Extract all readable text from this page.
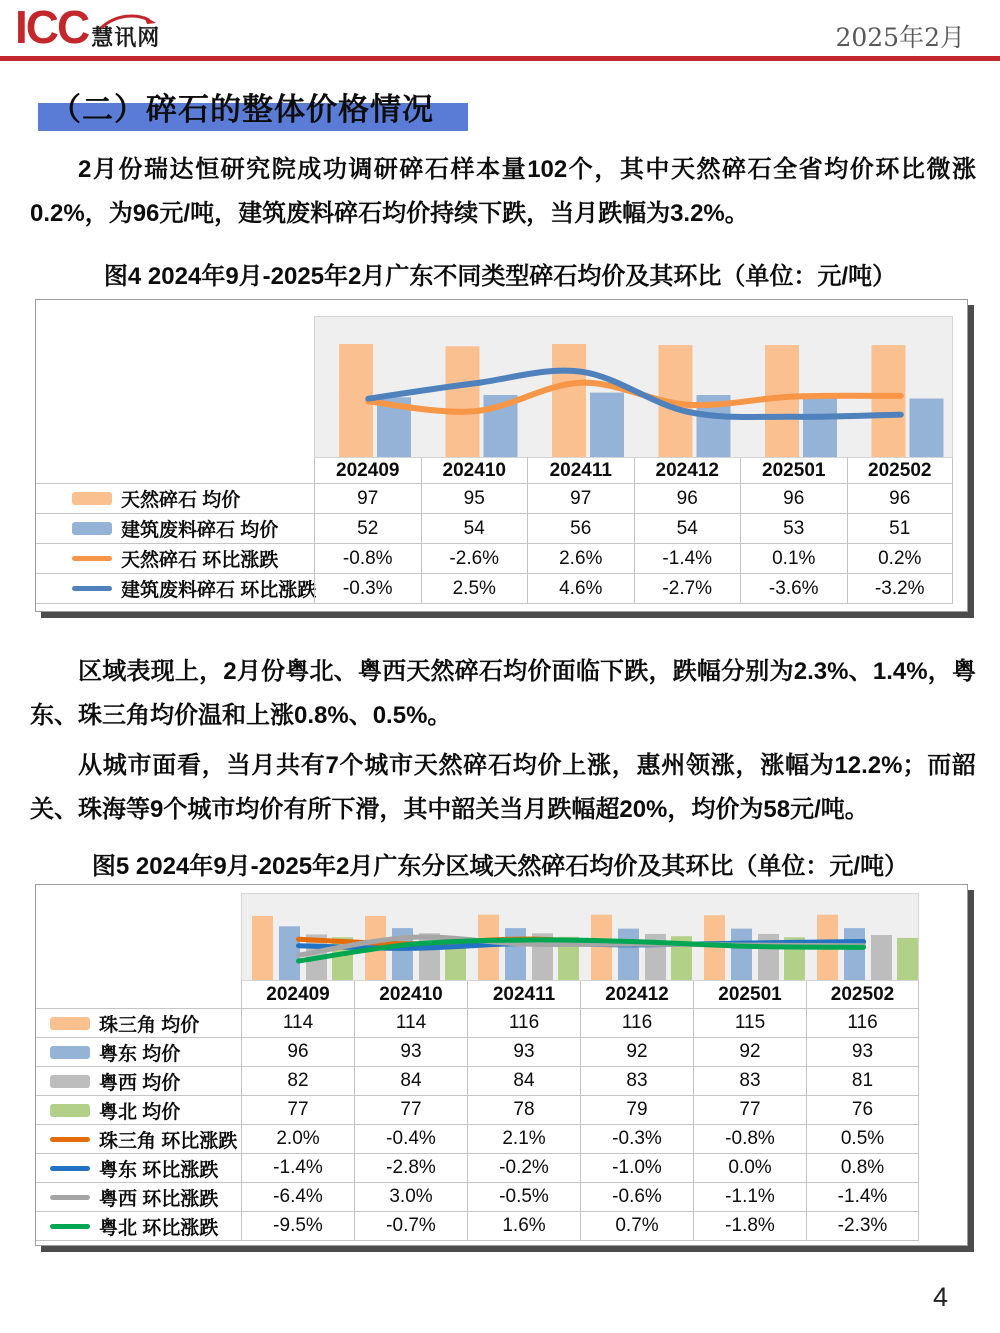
ICC 慧讯网	2025年2月
（二）碎石的整体价格情况

2月份瑞达恒研究院成功调研碎石样本量102个，其中天然碎石全省均价环比微涨0.2%，为96元/吨，建筑废料碎石均价持续下跌，当月跌幅为3.2%。

图4 2024年9月-2025年2月广东不同类型碎石均价及其环比（单位：元/吨）
202409	202410	202411	202412	202501	202502
天然碎石 均价	97	95	97	96	96	96
建筑废料碎石 均价	52	54	56	54	53	51
天然碎石 环比涨跌	-0.8%	-2.6%	2.6%	-1.4%	0.1%	0.2%
建筑废料碎石 环比涨跌	-0.3%	2.5%	4.6%	-2.7%	-3.6%	-3.2%

区域表现上，2月份粤北、粤西天然碎石均价面临下跌，跌幅分别为2.3%、1.4%，粤东、珠三角均价温和上涨0.8%、0.5%。

从城市面看，当月共有7个城市天然碎石均价上涨，惠州领涨，涨幅为12.2%；而韶关、珠海等9个城市均价有所下滑，其中韶关当月跌幅超20%，均价为58元/吨。

图5 2024年9月-2025年2月广东分区域天然碎石均价及其环比（单位：元/吨）
202409	202410	202411	202412	202501	202502
珠三角 均价	114	114	116	116	115	116
粤东 均价	96	93	93	92	92	93
粤西 均价	82	84	84	83	83	81
粤北 均价	77	77	78	79	77	76
珠三角 环比涨跌	2.0%	-0.4%	2.1%	-0.3%	-0.8%	0.5%
粤东 环比涨跌	-1.4%	-2.8%	-0.2%	-1.0%	0.0%	0.8%
粤西 环比涨跌	-6.4%	3.0%	-0.5%	-0.6%	-1.1%	-1.4%
粤北 环比涨跌	-9.5%	-0.7%	1.6%	0.7%	-1.8%	-2.3%
4
